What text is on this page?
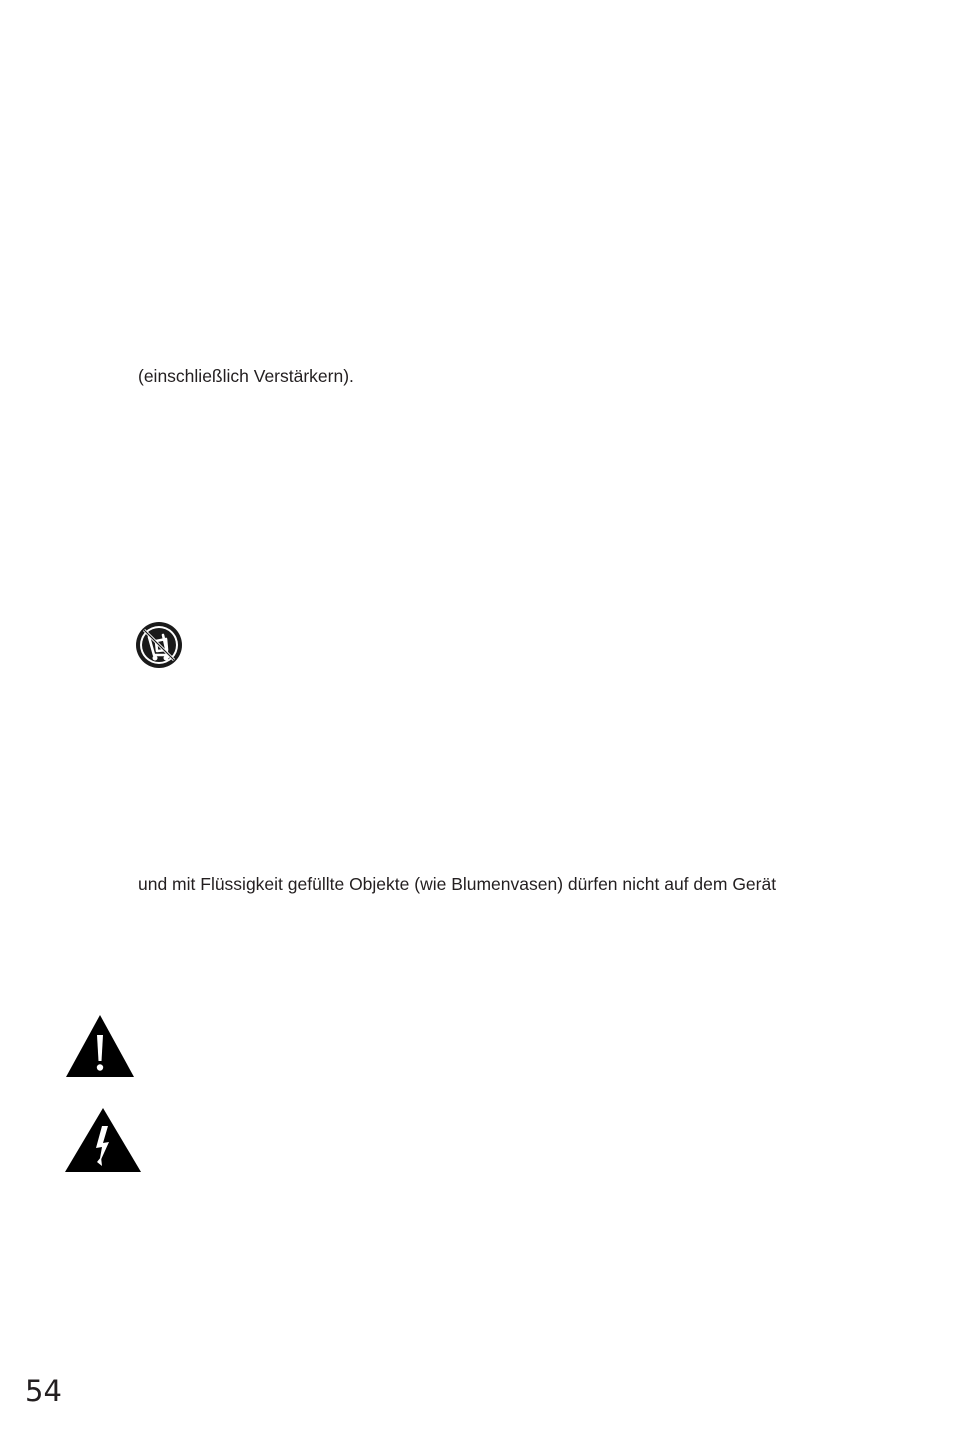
(einschließlich Verstärkern).
und mit Flüssigkeit gefüllte Objekte (wie Blumenvasen) dürfen nicht auf dem Gerät
54
